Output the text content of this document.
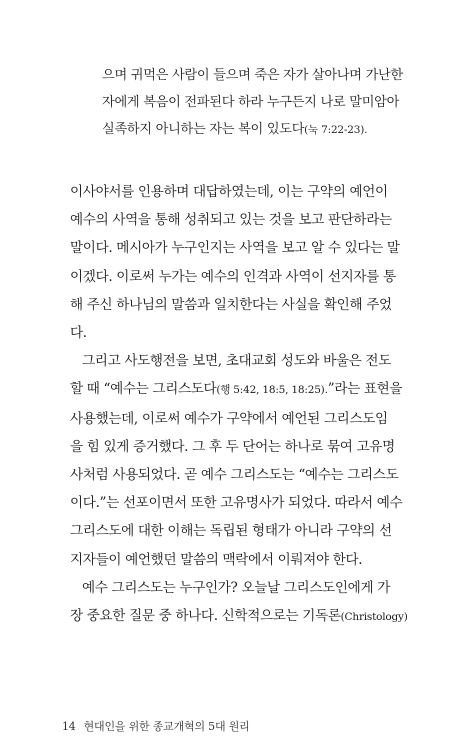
으며 귀먹은 사람이 들으며 죽은 자가 살아나며 가난한
자에게 복음이 전파된다 하라 누구든지 나로 말미암아
실족하지 아니하는 자는 복이 있도다(눅 7:22-23).

이사야서를 인용하며 대답하였는데, 이는 구약의 예언이
예수의 사역을 통해 성취되고 있는 것을 보고 판단하라는
말이다. 메시아가 누구인지는 사역을 보고 알 수 있다는 말
이겠다. 이로써 누가는 예수의 인격과 사역이 선지자를 통
해 주신 하나님의 말씀과 일치한다는 사실을 확인해 주었
다.

그리고 사도행전을 보면, 초대교회 성도와 바울은 전도
할 때 “예수는 그리스도다(행 5:42, 18:5, 18:25).”라는 표현을
사용했는데, 이로써 예수가 구약에서 예언된 그리스도임
을 힘 있게 증거했다. 그 후 두 단어는 하나로 묶여 고유명
사처럼 사용되었다. 곧 예수 그리스도는 “예수는 그리스도
이다.”는 선포이면서 또한 고유명사가 되었다. 따라서 예수
그리스도에 대한 이해는 독립된 형태가 아니라 구약의 선
지자들이 예언했던 말씀의 맥락에서 이뤄져야 한다.

예수 그리스도는 누구인가? 오늘날 그리스도인에게 가
장 중요한 질문 중 하나다. 신학적으로는 기독론(Christology)

14 현대인을 위한 종교개혁의 5대 원리
